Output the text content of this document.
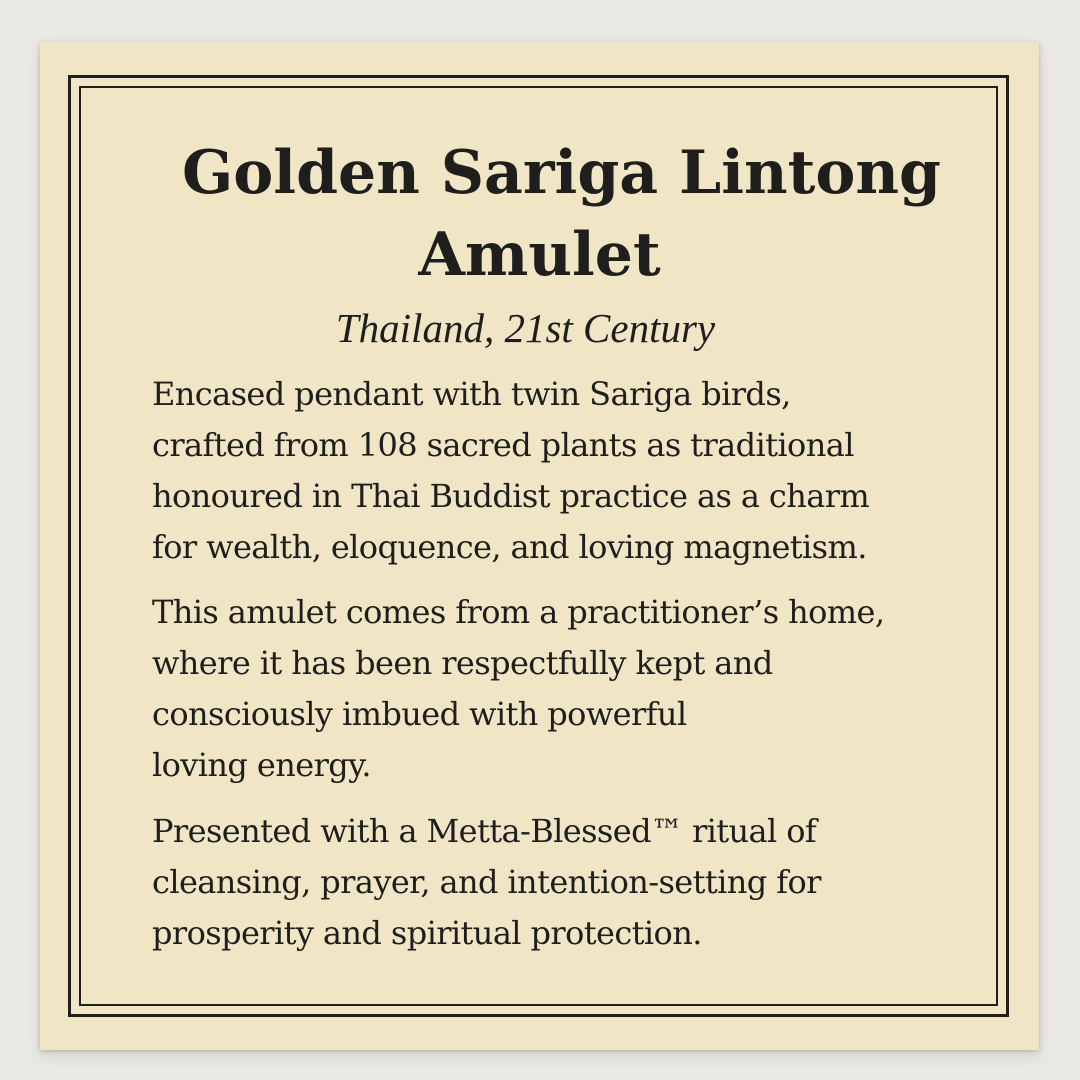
Golden Sariga Lintong
Amulet

Thailand, 21st Century

Encased pendant with twin Sariga birds,
crafted from 108 sacred plants as traditional
honoured in Thai Buddist practice as a charm
for wealth, eloquence, and loving magnetism.

This amulet comes from a practitioner’s home,
where it has been respectfully kept and
consciously imbued with powerful
loving energy.

Presented with a Metta-Blessed™ ritual of
cleansing, prayer, and intention-setting for
prosperity and spiritual protection.
